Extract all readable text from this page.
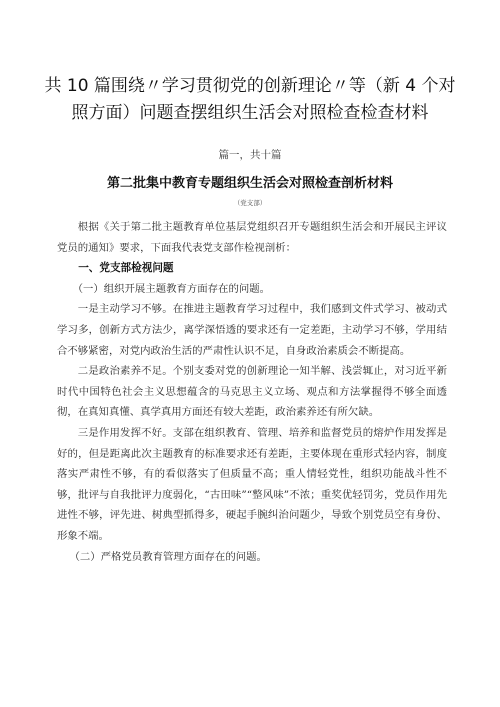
共 10 篇围绕〃学习贯彻党的创新理论〃等（新 4 个对照方面）问题查摆组织生活会对照检查检查材料
篇一，共十篇
第二批集中教育专题组织生活会对照检查剖析材料
（党支部）

根据《关于第二批主题教育单位基层党组织召开专题组织生活会和开展民主评议党员的通知》要求，下面我代表党支部作检视剖析：

一、党支部检视问题

（一）组织开展主题教育方面存在的问题。

一是主动学习不够。在推进主题教育学习过程中，我们感到文件式学习、被动式学习多，创新方式方法少，离学深悟透的要求还有一定差距，主动学习不够，学用结合不够紧密，对党内政治生活的严肃性认识不足，自身政治素质会不断提高。

二是政治素养不足。个别支委对党的创新理论一知半解、浅尝辄止，对习近平新时代中国特色社会主义思想蕴含的马克思主义立场、观点和方法掌握得不够全面透彻，在真知真懂、真学真用方面还有较大差距，政治素养还有所欠缺。

三是作用发挥不好。支部在组织教育、管理、培养和监督党员的熔炉作用发挥是好的，但是距离此次主题教育的标准要求还有差距，主要体现在重形式轻内容，制度落实严肃性不够，有的看似落实了但质量不高；重人情轻党性，组织功能战斗性不够，批评与自我批评力度弱化，“古田味”“整风味”不浓；重奖优轻罚劣，党员作用先进性不够，评先进、树典型抓得多，硬起手腕纠治问题少，导致个别党员空有身份、形象不端。

（二）严格党员教育管理方面存在的问题。
